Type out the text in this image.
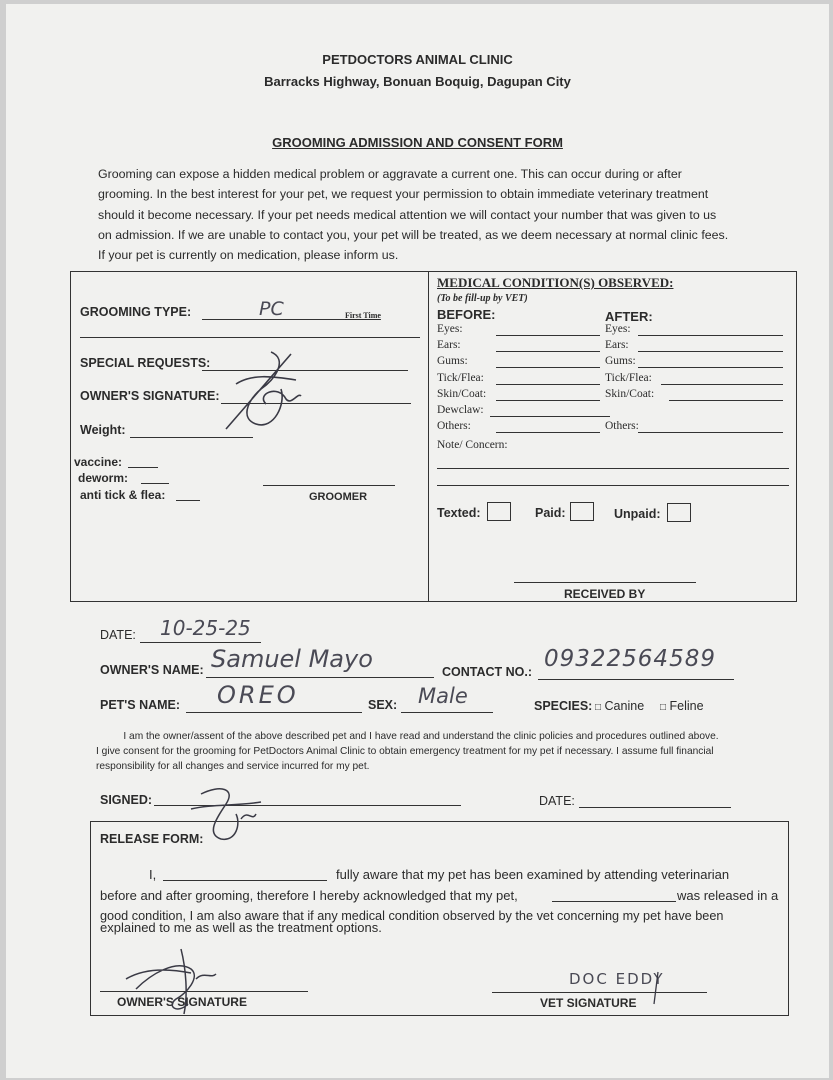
PETDOCTORS ANIMAL CLINIC
Barracks Highway, Bonuan Boquig, Dagupan City
GROOMING ADMISSION AND CONSENT FORM
Grooming can expose a hidden medical problem or aggravate a current one. This can occur during or after
grooming. In the best interest for your pet, we request your permission to obtain immediate veterinary treatment
should it become necessary. If your pet needs medical attention we will contact your number that was given to us
on admission. If we are unable to contact you, your pet will be treated, as we deem necessary at normal clinic fees.
If your pet is currently on medication, please inform us.
GROOMING TYPE:	PC	First Time
SPECIAL REQUESTS:
OWNER'S SIGNATURE:
Weight:
vaccine:
deworm:
anti tick & flea:	GROOMER
MEDICAL CONDITION(S) OBSERVED:
(To be fill-up by VET)
BEFORE:	AFTER:
Eyes:	Eyes:
Ears:	Ears:
Gums:	Gums:
Tick/Flea:	Tick/Flea:
Skin/Coat:	Skin/Coat:
Dewclaw:
Others:	Others:
Note/ Concern:
Texted:	Paid:	Unpaid:
RECEIVED BY
DATE: 10-25-25
OWNER'S NAME: Samuel Mayo	CONTACT NO.: 09322564589
PET'S NAME: OREO	SEX: Male	SPECIES: □ Canine □ Feline
I am the owner/assent of the above described pet and I have read and understand the clinic policies and procedures outlined above.
I give consent for the grooming for PetDoctors Animal Clinic to obtain emergency treatment for my pet if necessary. I assume full financial
responsibility for all changes and service incurred for my pet.
SIGNED:	DATE:
RELEASE FORM:
I,	fully aware that my pet has been examined by attending veterinarian
before and after grooming, therefore I hereby acknowledged that my pet,	was released in a
good condition, I am also aware that if any medical condition observed by the vet concerning my pet have been
explained to me as well as the treatment options.
OWNER'S SIGNATURE	VET SIGNATURE
DOC EDDY
